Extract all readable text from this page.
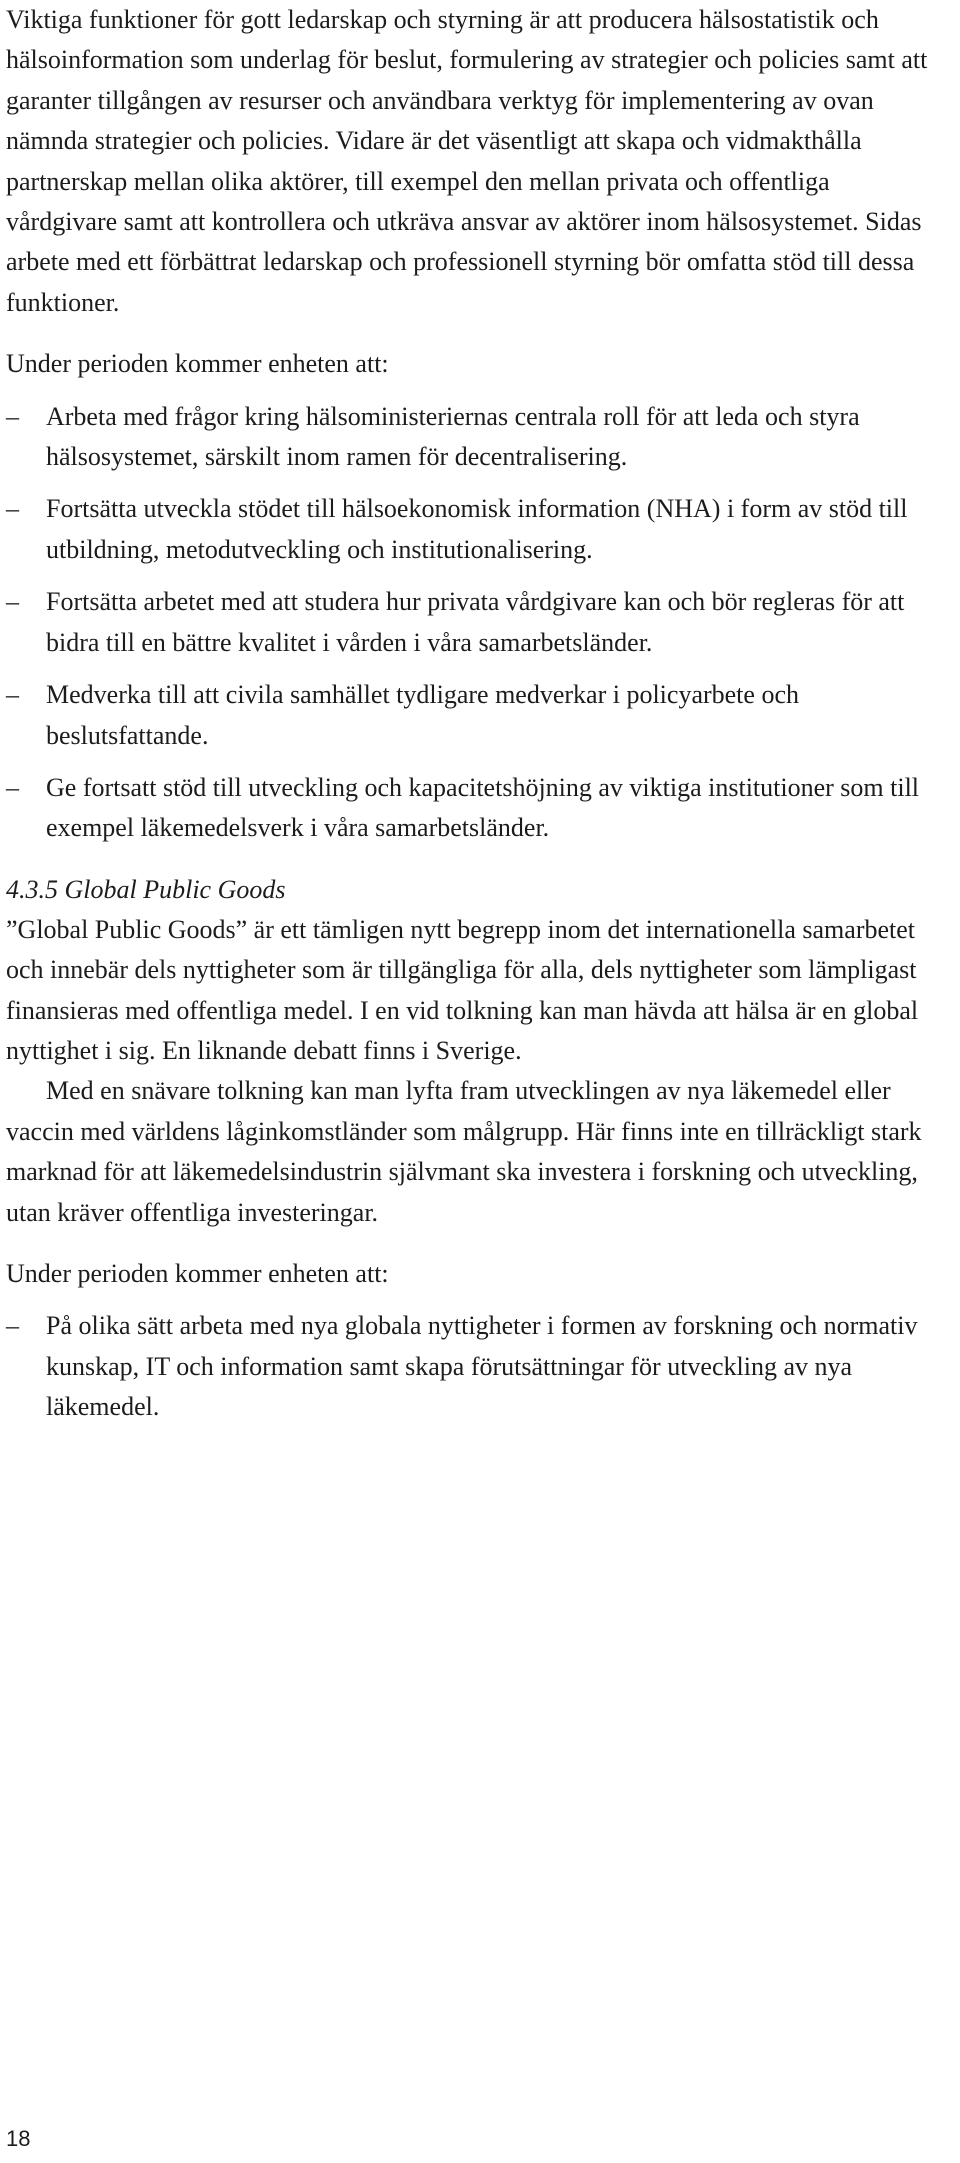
Viktiga funktioner för gott ledarskap och styrning är att producera hälsostatistik och hälsoinformation som underlag för beslut, formulering av strategier och policies samt att garanter tillgången av resurser och användbara verktyg för implementering av ovan nämnda strategier och policies. Vidare är det väsentligt att skapa och vidmakthålla partnerskap mellan olika aktörer, till exempel den mellan privata och offentliga vårdgivare samt att kontrollera och utkräva ansvar av aktörer inom hälsosystemet. Sidas arbete med ett förbättrat ledarskap och professionell styrning bör omfatta stöd till dessa funktioner.

Under perioden kommer enheten att:

–	Arbeta med frågor kring hälsoministeriernas centrala roll för att leda och styra hälsosystemet, särskilt inom ramen för decentralisering.
–	Fortsätta utveckla stödet till hälsoekonomisk information (NHA) i form av stöd till utbildning, metodutveckling och institutionalisering.
–	Fortsätta arbetet med att studera hur privata vårdgivare kan och bör regleras för att bidra till en bättre kvalitet i vården i våra samarbetsländer.
–	Medverka till att civila samhället tydligare medverkar i policyarbete och beslutsfattande.
–	Ge fortsatt stöd till utveckling och kapacitetshöjning av viktiga institutioner som till exempel läkemedelsverk i våra samarbetsländer.
4.3.5 Global Public Goods

”Global Public Goods” är ett tämligen nytt begrepp inom det internationella samarbetet och innebär dels nyttigheter som är tillgängliga för alla, dels nyttigheter som lämpligast finansieras med offentliga medel. I en vid tolkning kan man hävda att hälsa är en global nyttighet i sig. En liknande debatt finns i Sverige.

Med en snävare tolkning kan man lyfta fram utvecklingen av nya läkemedel eller vaccin med världens låginkomstländer som målgrupp. Här finns inte en tillräckligt stark marknad för att läkemedelsindustrin självmant ska investera i forskning och utveckling, utan kräver offentliga investeringar.

Under perioden kommer enheten att:

–	På olika sätt arbeta med nya globala nyttigheter i formen av forskning och normativ kunskap, IT och information samt skapa förutsättningar för utveckling av nya läkemedel.
18
